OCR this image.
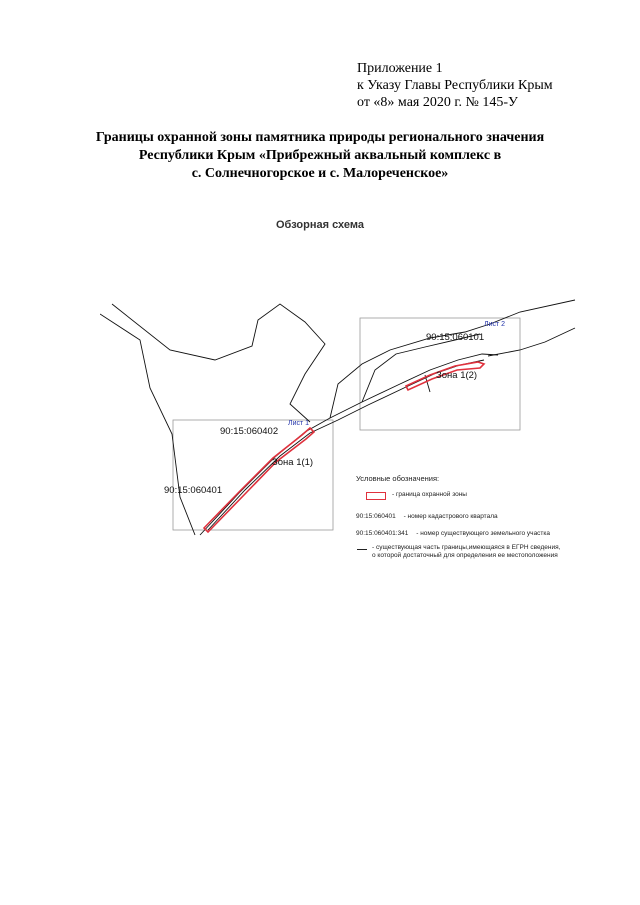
Приложение 1
к Указу Главы Республики Крым
от «8» мая 2020 г. № 145-У
Границы охранной зоны памятника природы регионального значения
Республики Крым «Прибрежный аквальный комплекс в
с. Солнечногорское и с. Малореченское»
Обзорная схема
90:15:060101
90:15:060402
90:15:060401
Зона 1(1)
Зона 1(2)
Лист 1
Лист 2
Условные обозначения:
- граница охранной зоны
90:15:060401 - номер кадастрового квартала
90:15:060401:341 - номер существующего земельного участка
- существующая часть границы,имеющаяся в ЕГРН сведения,
о которой достаточный для определения ее местоположения
